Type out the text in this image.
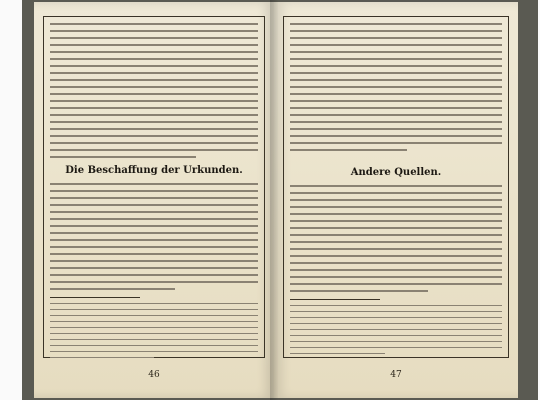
Die Beschaffung der Urkunden.
46
Andere Quellen.
47
